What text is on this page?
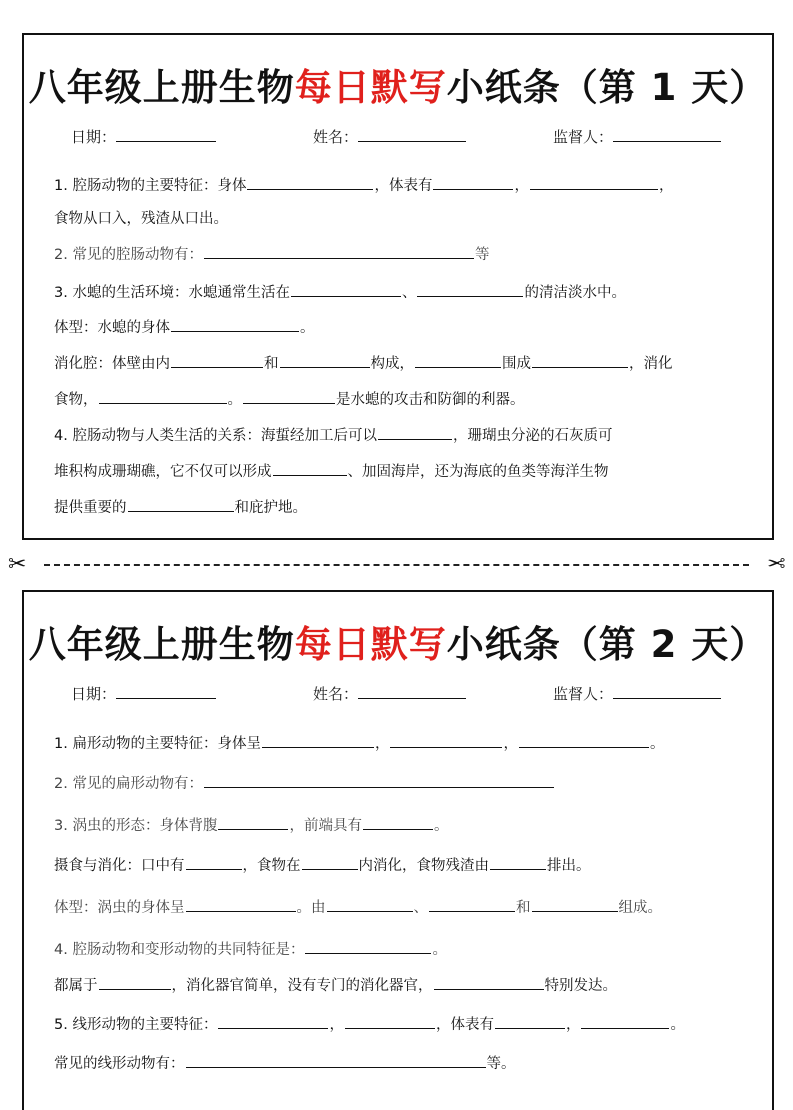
八年级上册生物每日默写小纸条（第 1 天）
日期：	姓名：	监督人：
1. 腔肠动物的主要特征：身体	，体表有	，	，
食物从口入，残渣从口出。
2. 常见的腔肠动物有：	等
3. 水螅的生活环境：水螅通常生活在	、	的清洁淡水中。
体型：水螅的身体	。
消化腔：体壁由内	和	构成，	围成	，消化
食物，	。	是水螅的攻击和防御的利器。
4. 腔肠动物与人类生活的关系：海蜇经加工后可以	，珊瑚虫分泌的石灰质可
堆积构成珊瑚礁，它不仅可以形成	、加固海岸，还为海底的鱼类等海洋生物
提供重要的	和庇护地。
✂	✂
八年级上册生物每日默写小纸条（第 2 天）
日期：	姓名：	监督人：
1. 扁形动物的主要特征：身体呈	，	，	。
2. 常见的扁形动物有：
3. 涡虫的形态：身体背腹	，前端具有	。
摄食与消化：口中有	，食物在	内消化，食物残渣由	排出。
体型：涡虫的身体呈	。由	、	和	组成。
4. 腔肠动物和变形动物的共同特征是：	。
都属于	，消化器官简单，没有专门的消化器官，	特别发达。
5. 线形动物的主要特征：	，	，体表有	，	。
常见的线形动物有：	等。
